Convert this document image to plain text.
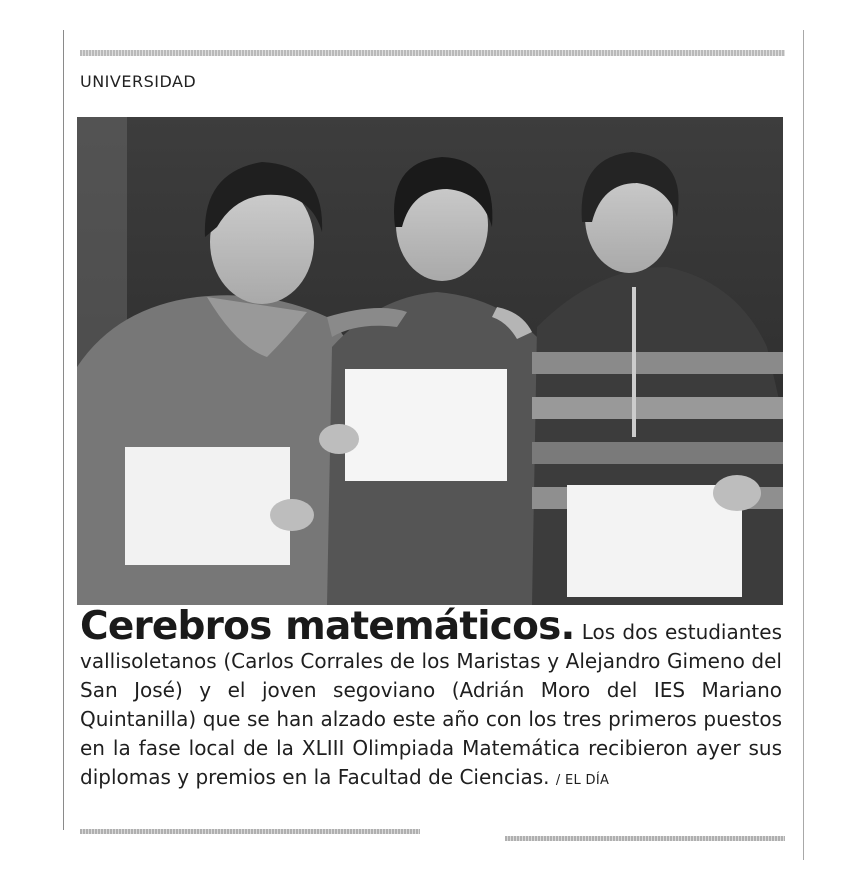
UNIVERSIDAD
Cerebros matemáticos. Los dos estudiantes vallisoletanos (Carlos Corrales de los Maristas y Alejandro Gimeno del San José) y el joven segoviano (Adrián Moro del IES Mariano Quintanilla) que se han alzado este año con los tres primeros puestos en la fase local de la XLIII Olimpiada Matemática recibieron ayer sus diplomas y premios en la Facultad de Ciencias. / EL DÍA
